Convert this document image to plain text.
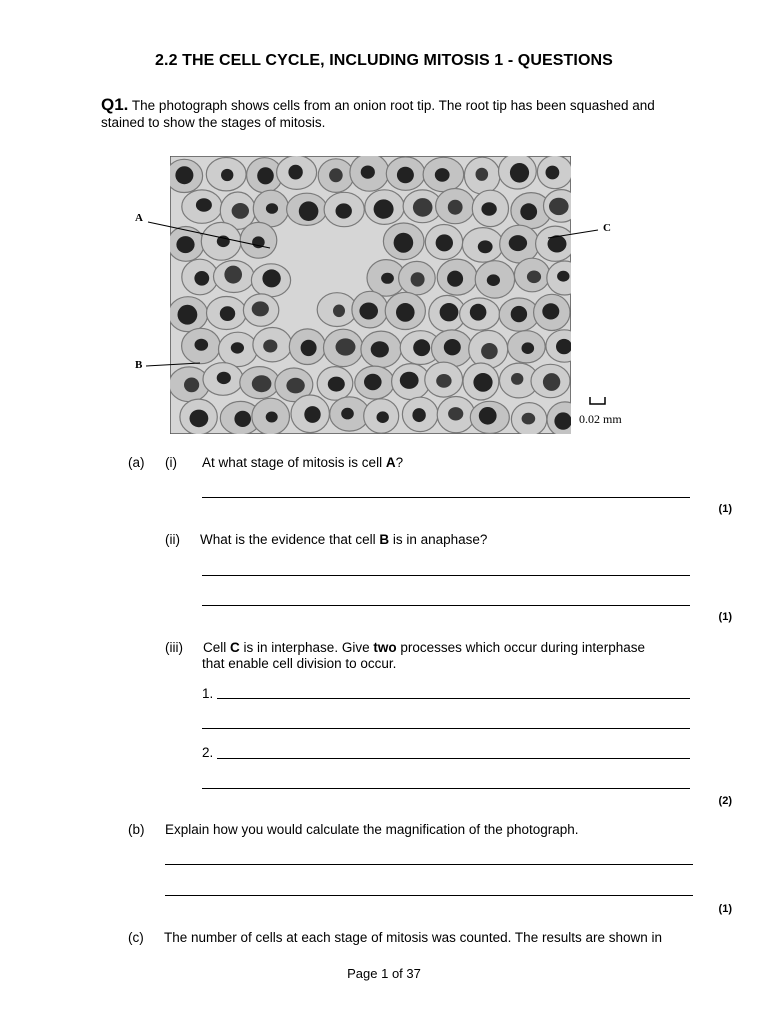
2.2 THE CELL CYCLE, INCLUDING MITOSIS 1 - QUESTIONS
Q1. The photograph shows cells from an onion root tip. The root tip has been squashed and
stained to show the stages of mitosis.
A
B
C
0.02 mm
(a) (i) At what stage of mitosis is cell A?
(1)
(ii) What is the evidence that cell B is in anaphase?
(1)
(iii) Cell C is in interphase. Give two processes which occur during interphase
that enable cell division to occur.
1.
2.
(2)
(b) Explain how you would calculate the magnification of the photograph.
(1)
(c) The number of cells at each stage of mitosis was counted. The results are shown in
Page 1 of 37
